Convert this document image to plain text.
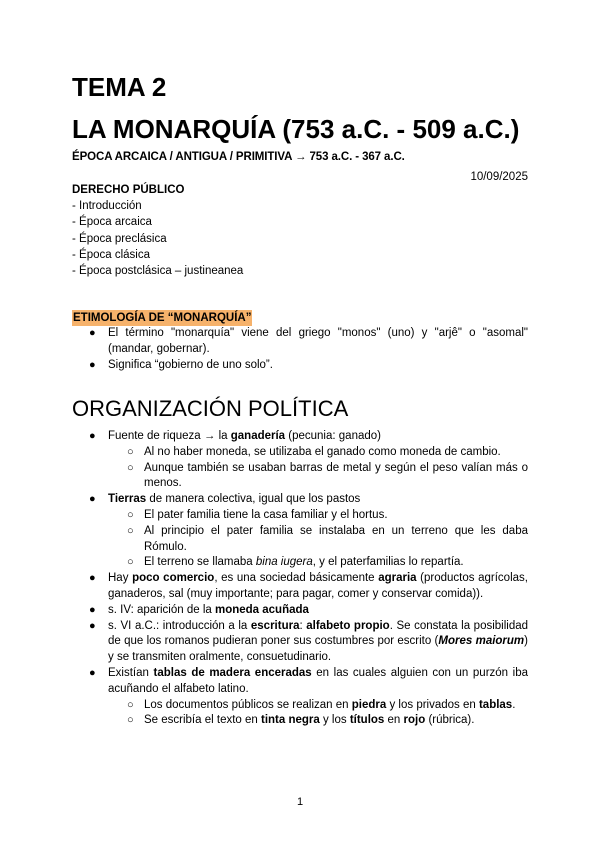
TEMA 2
LA MONARQUÍA (753 a.C. - 509 a.C.)
ÉPOCA ARCAICA / ANTIGUA / PRIMITIVA → 753 a.C. - 367 a.C.
10/09/2025
DERECHO PÚBLICO
- Introducción
- Época arcaica
- Época preclásica
- Época clásica
- Época postclásica – justineanea
ETIMOLOGÍA DE “MONARQUÍA”
● El término "monarquía" viene del griego "monos" (uno) y "arjê" o "asomal" (mandar, gobernar).
● Significa “gobierno de uno solo”.
ORGANIZACIÓN POLÍTICA
● Fuente de riqueza → la ganadería (pecunia: ganado)
○ Al no haber moneda, se utilizaba el ganado como moneda de cambio.
○ Aunque también se usaban barras de metal y según el peso valían más o menos.
● Tierras de manera colectiva, igual que los pastos
○ El pater familia tiene la casa familiar y el hortus.
○ Al principio el pater familia se instalaba en un terreno que les daba Rómulo.
○ El terreno se llamaba bina iugera, y el paterfamilias lo repartía.
● Hay poco comercio, es una sociedad básicamente agraria (productos agrícolas, ganaderos, sal (muy importante; para pagar, comer y conservar comida)).
● s. IV: aparición de la moneda acuñada
● s. VI a.C.: introducción a la escritura: alfabeto propio. Se constata la posibilidad de que los romanos pudieran poner sus costumbres por escrito (Mores maiorum) y se transmiten oralmente, consuetudinario.
● Existían tablas de madera enceradas en las cuales alguien con un purzón iba acuñando el alfabeto latino.
○ Los documentos públicos se realizan en piedra y los privados en tablas.
○ Se escribía el texto en tinta negra y los títulos en rojo (rúbrica).
1
